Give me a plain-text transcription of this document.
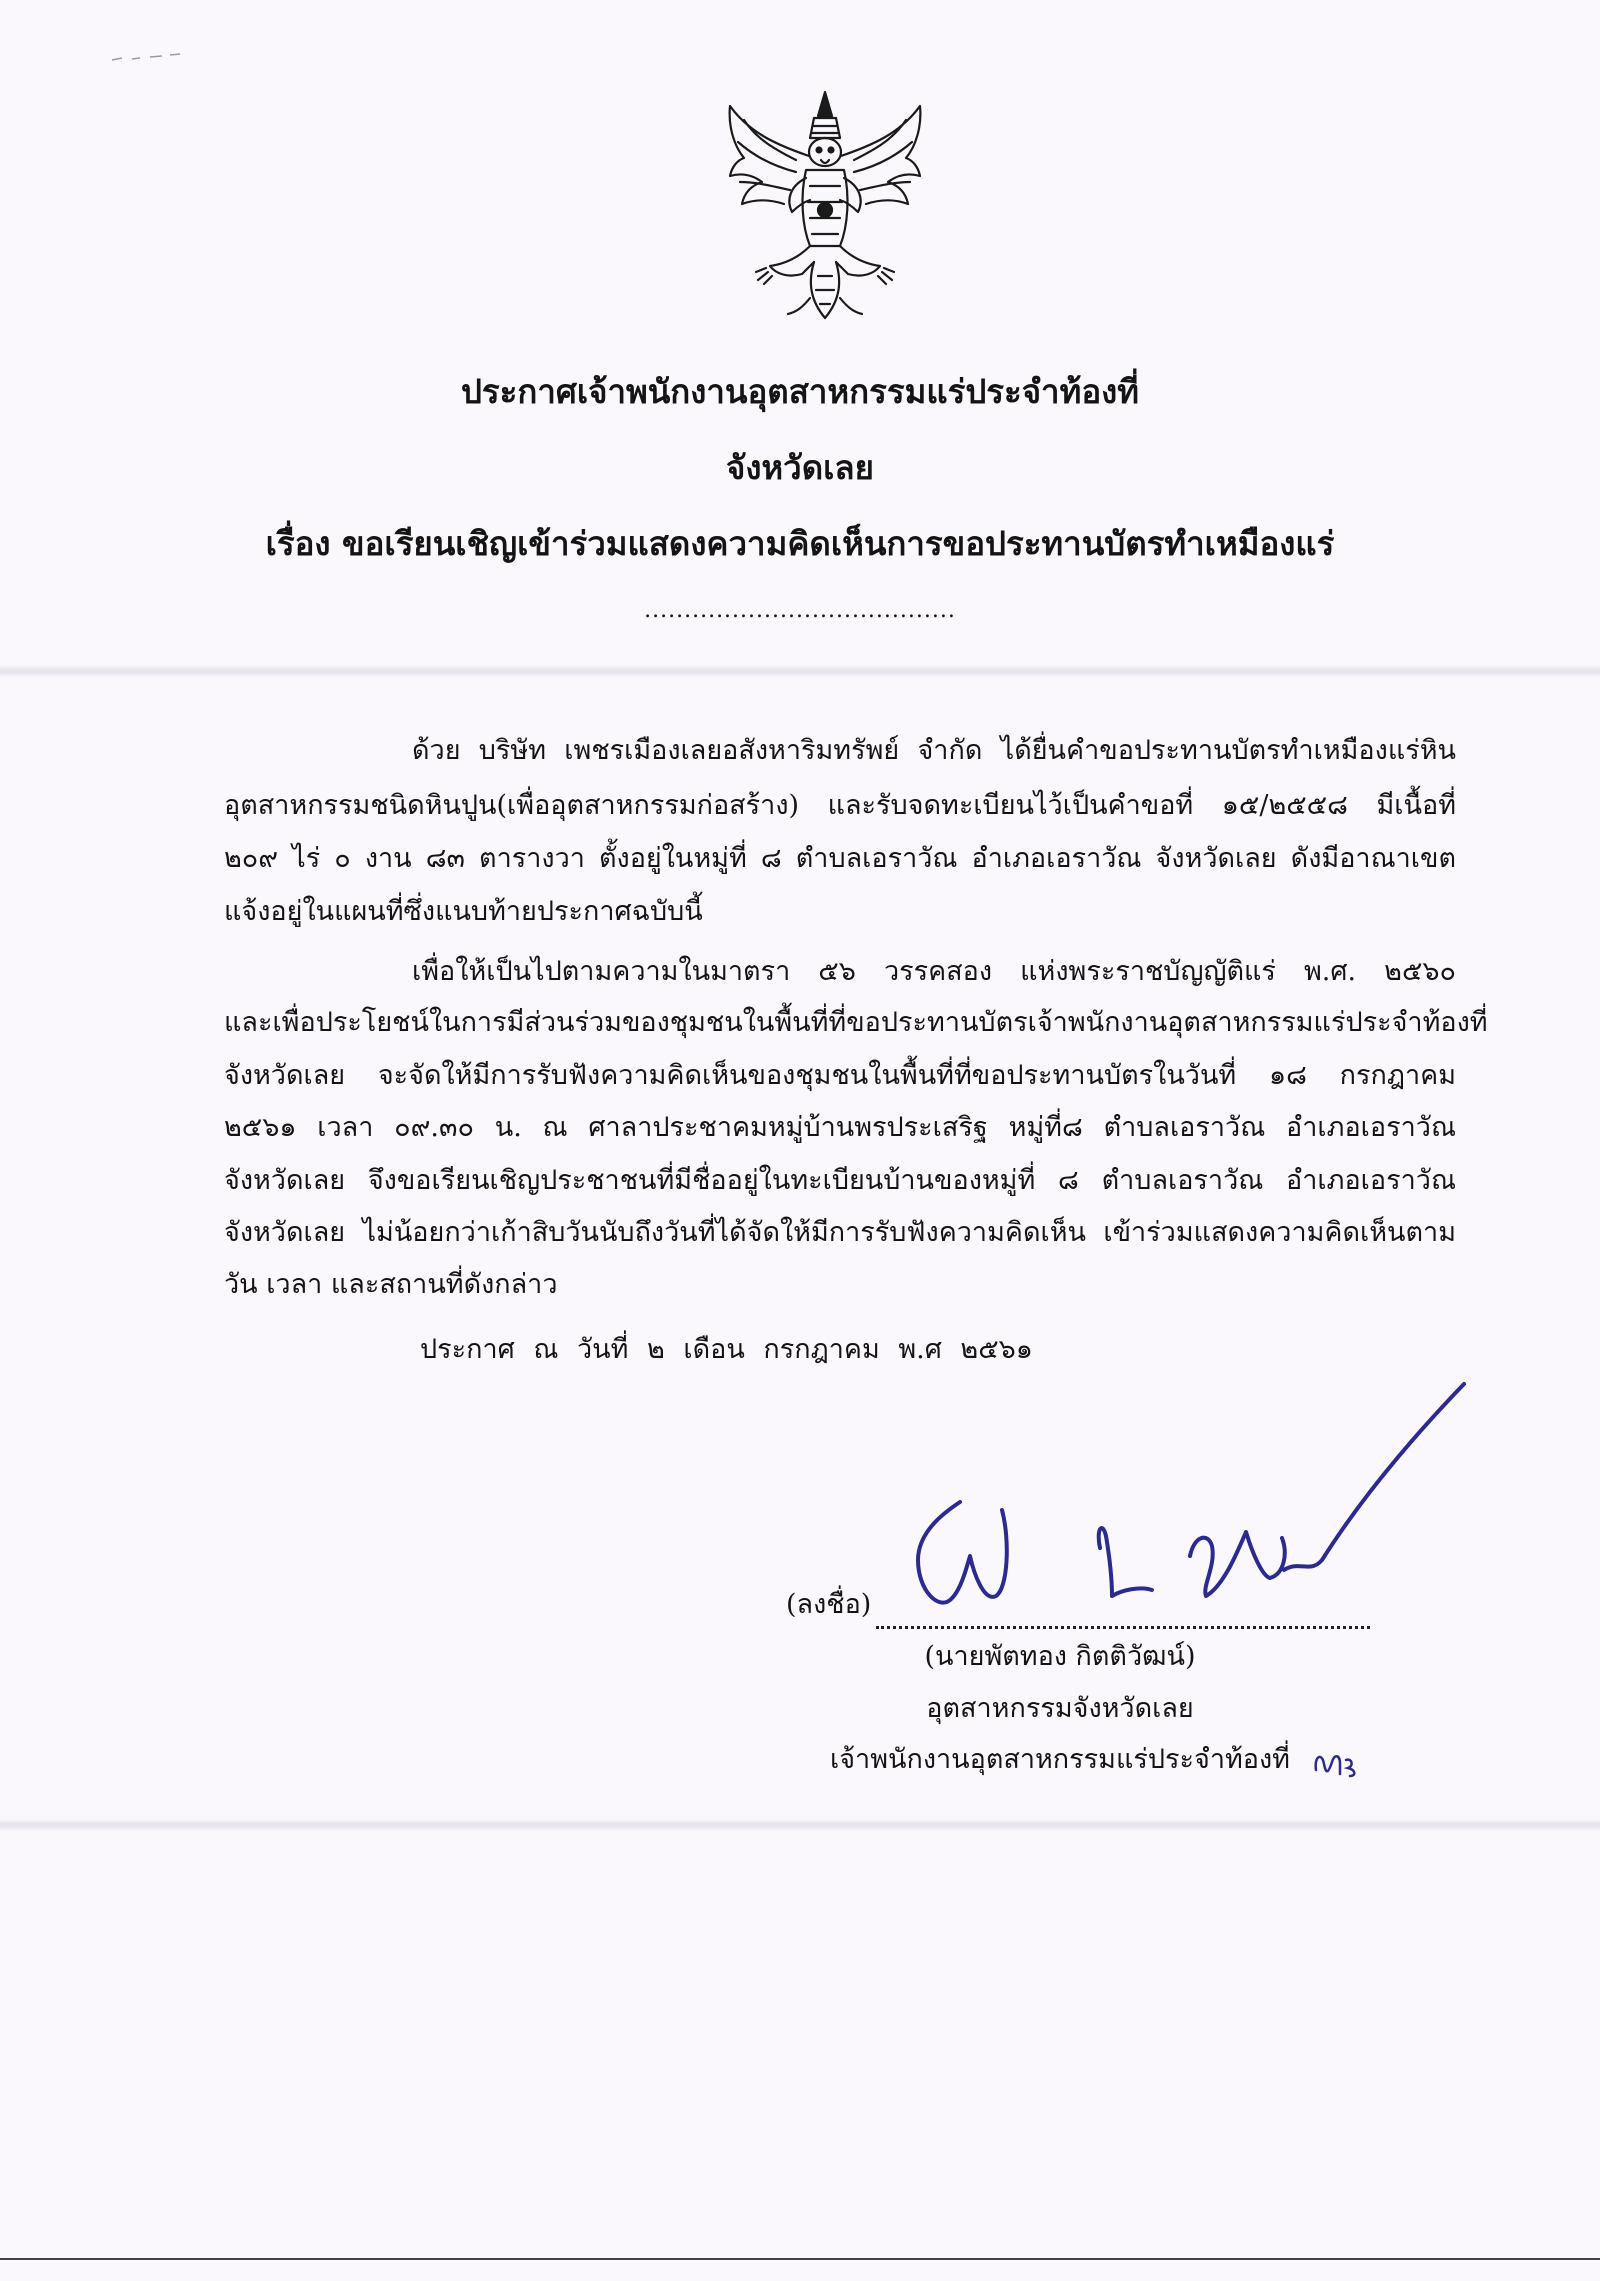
ประกาศเจ้าพนักงานอุตสาหกรรมแร่ประจำท้องที่
จังหวัดเลย
เรื่อง ขอเรียนเชิญเข้าร่วมแสดงความคิดเห็นการขอประทานบัตรทำเหมืองแร่
.......................................
ด้วย บริษัท เพชรเมืองเลยอสังหาริมทรัพย์ จำกัด ได้ยื่นคำขอประทานบัตรทำเหมืองแร่หิน
อุตสาหกรรมชนิดหินปูน(เพื่ออุตสาหกรรมก่อสร้าง) และรับจดทะเบียนไว้เป็นคำขอที่ ๑๕/๒๕๕๘ มีเนื้อที่
๒๐๙ ไร่ ๐ งาน ๘๓ ตารางวา ตั้งอยู่ในหมู่ที่ ๘ ตำบลเอราวัณ อำเภอเอราวัณ จังหวัดเลย ดังมีอาณาเขต
แจ้งอยู่ในแผนที่ซึ่งแนบท้ายประกาศฉบับนี้
เพื่อให้เป็นไปตามความในมาตรา ๕๖ วรรคสอง แห่งพระราชบัญญัติแร่ พ.ศ. ๒๕๖๐
และเพื่อประโยชน์ในการมีส่วนร่วมของชุมชนในพื้นที่ที่ขอประทานบัตรเจ้าพนักงานอุตสาหกรรมแร่ประจำท้องที่
จังหวัดเลย จะจัดให้มีการรับฟังความคิดเห็นของชุมชนในพื้นที่ที่ขอประทานบัตรในวันที่ ๑๘ กรกฎาคม
๒๕๖๑ เวลา ๐๙.๓๐ น. ณ ศาลาประชาคมหมู่บ้านพรประเสริฐ หมู่ที่๘ ตำบลเอราวัณ อำเภอเอราวัณ
จังหวัดเลย จึงขอเรียนเชิญประชาชนที่มีชื่ออยู่ในทะเบียนบ้านของหมู่ที่ ๘ ตำบลเอราวัณ อำเภอเอราวัณ
จังหวัดเลย ไม่น้อยกว่าเก้าสิบวันนับถึงวันที่ได้จัดให้มีการรับฟังความคิดเห็น เข้าร่วมแสดงความคิดเห็นตาม
วัน เวลา และสถานที่ดังกล่าว
ประกาศ ณ วันที่ ๒ เดือน กรกฎาคม พ.ศ ๒๕๖๑
(ลงชื่อ)
(นายพัตทอง กิตติวัฒน์)
อุตสาหกรรมจังหวัดเลย
เจ้าพนักงานอุตสาหกรรมแร่ประจำท้องที่
